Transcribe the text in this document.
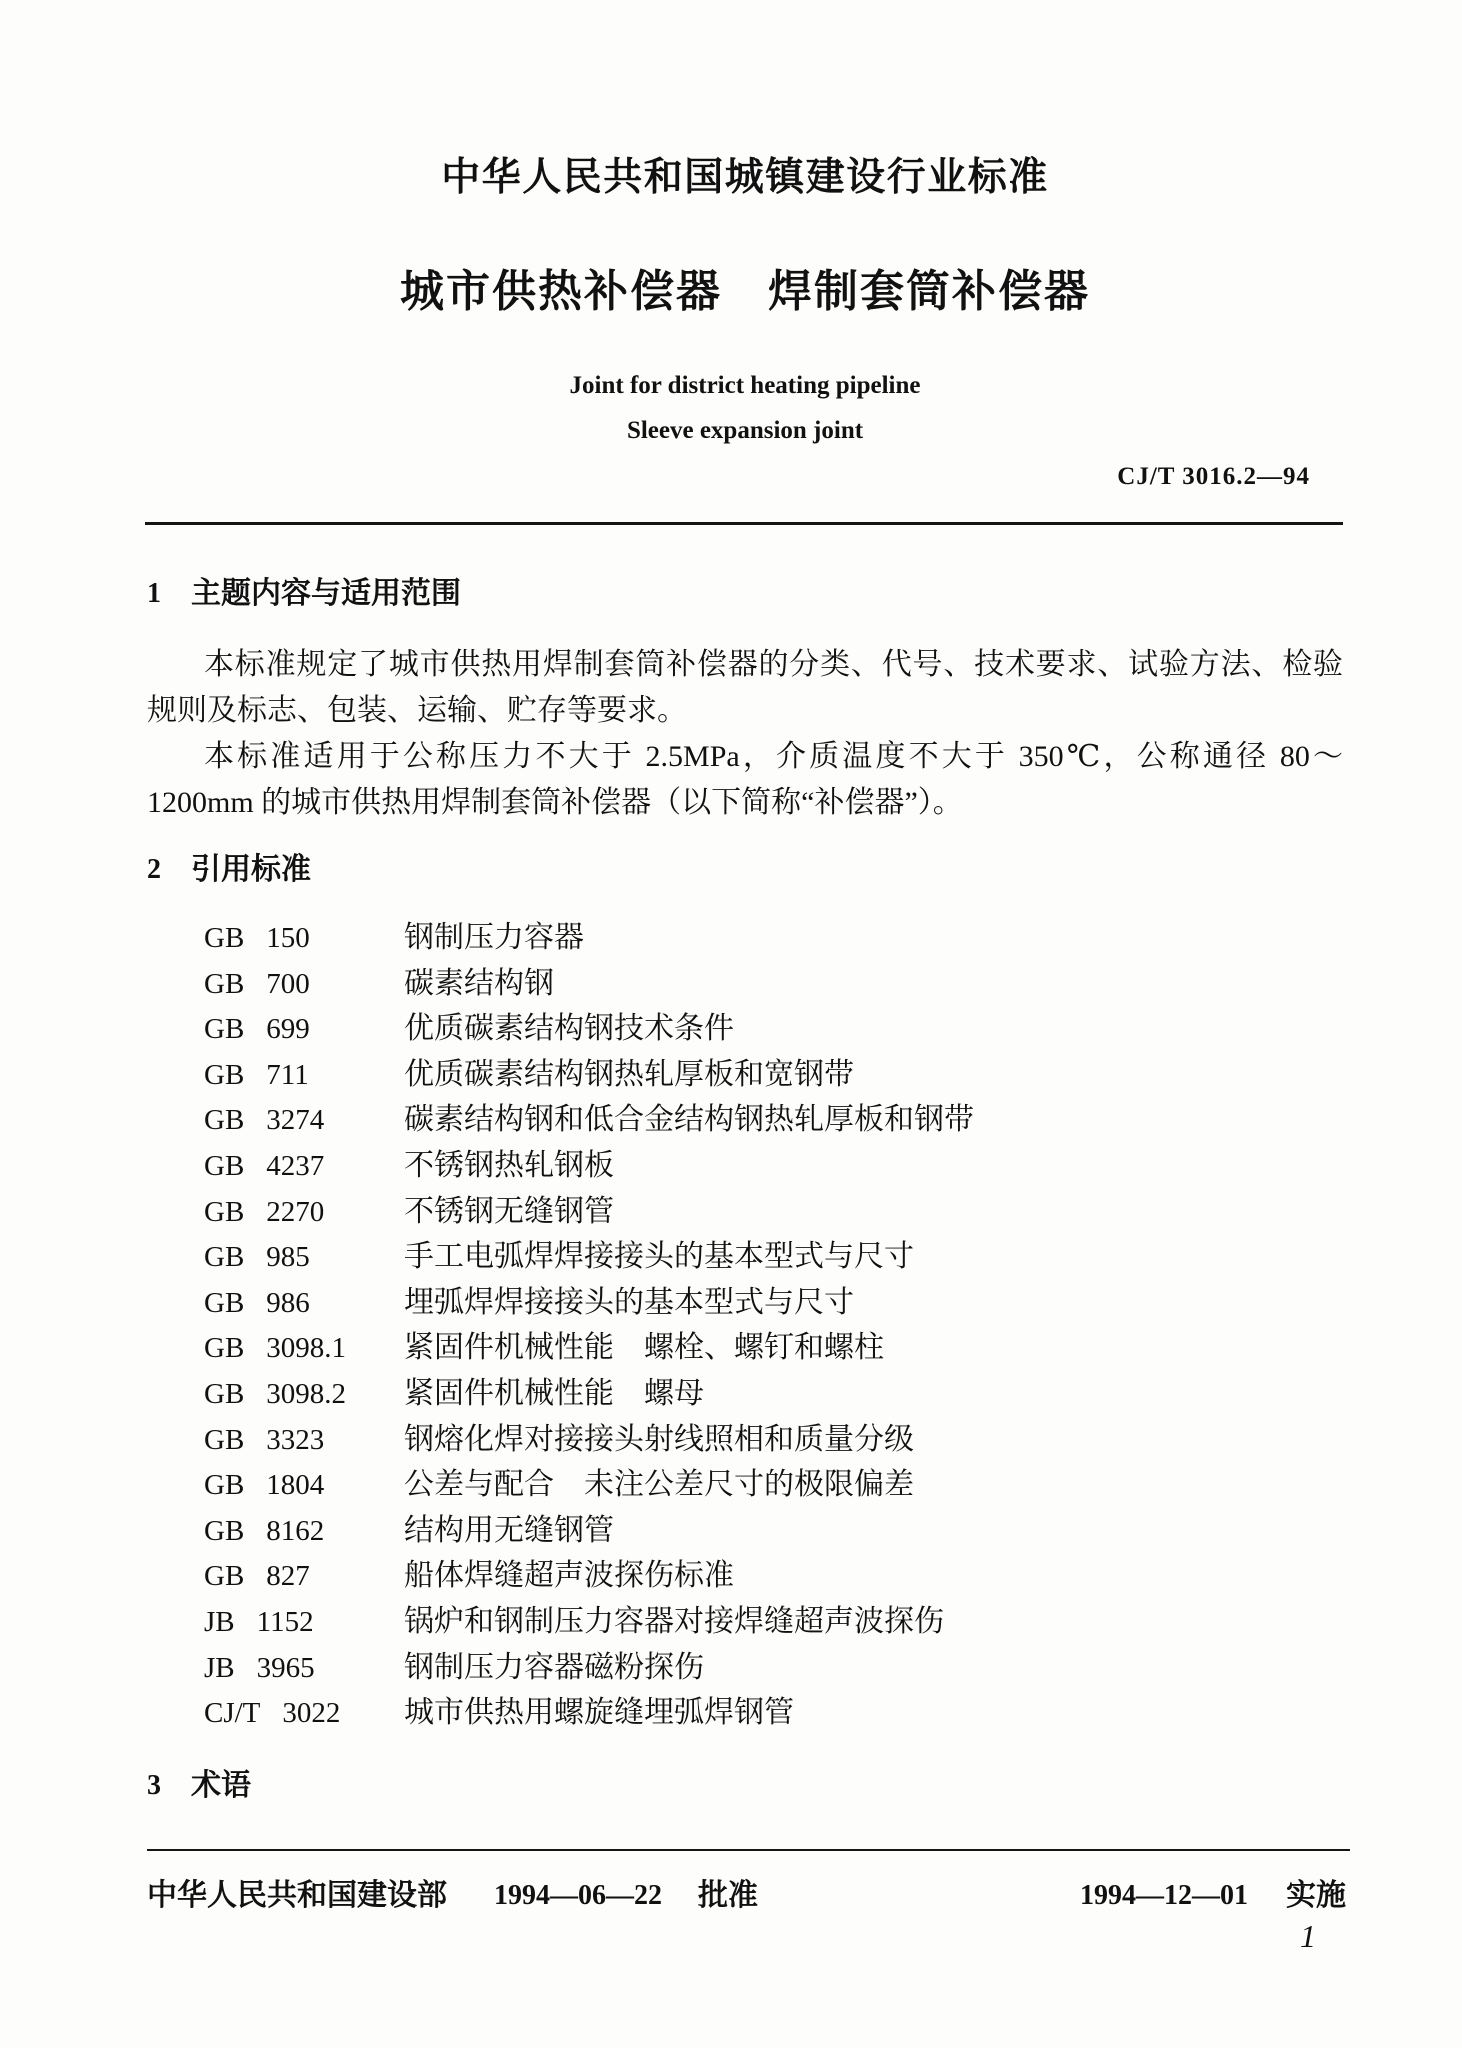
中华人民共和国城镇建设行业标准
城市供热补偿器　焊制套筒补偿器
Joint for district heating pipeline
Sleeve expansion joint
CJ/T 3016.2—94
1 主题内容与适用范围
本标准规定了城市供热用焊制套筒补偿器的分类、代号、技术要求、试验方法、检验
规则及标志、包装、运输、贮存等要求。
本标准适用于公称压力不大于 2.5MPa，介质温度不大于 350℃，公称通径 80～
1200mm 的城市供热用焊制套筒补偿器（以下简称“补偿器”）。
2 引用标准
GB 150	钢制压力容器
GB 700	碳素结构钢
GB 699	优质碳素结构钢技术条件
GB 711	优质碳素结构钢热轧厚板和宽钢带
GB 3274	碳素结构钢和低合金结构钢热轧厚板和钢带
GB 4237	不锈钢热轧钢板
GB 2270	不锈钢无缝钢管
GB 985	手工电弧焊焊接接头的基本型式与尺寸
GB 986	埋弧焊焊接接头的基本型式与尺寸
GB 3098.1 紧固件机械性能　螺栓、螺钉和螺柱
GB 3098.2 紧固件机械性能　螺母
GB 3323	钢熔化焊对接接头射线照相和质量分级
GB 1804	公差与配合　未注公差尺寸的极限偏差
GB 8162	结构用无缝钢管
GB 827	船体焊缝超声波探伤标准
JB 1152	锅炉和钢制压力容器对接焊缝超声波探伤
JB 3965	钢制压力容器磁粉探伤
CJ/T 3022 城市供热用螺旋缝埋弧焊钢管
3 术语
中华人民共和国建设部 1994—06—22 批准	1994—12—01 实施
1
